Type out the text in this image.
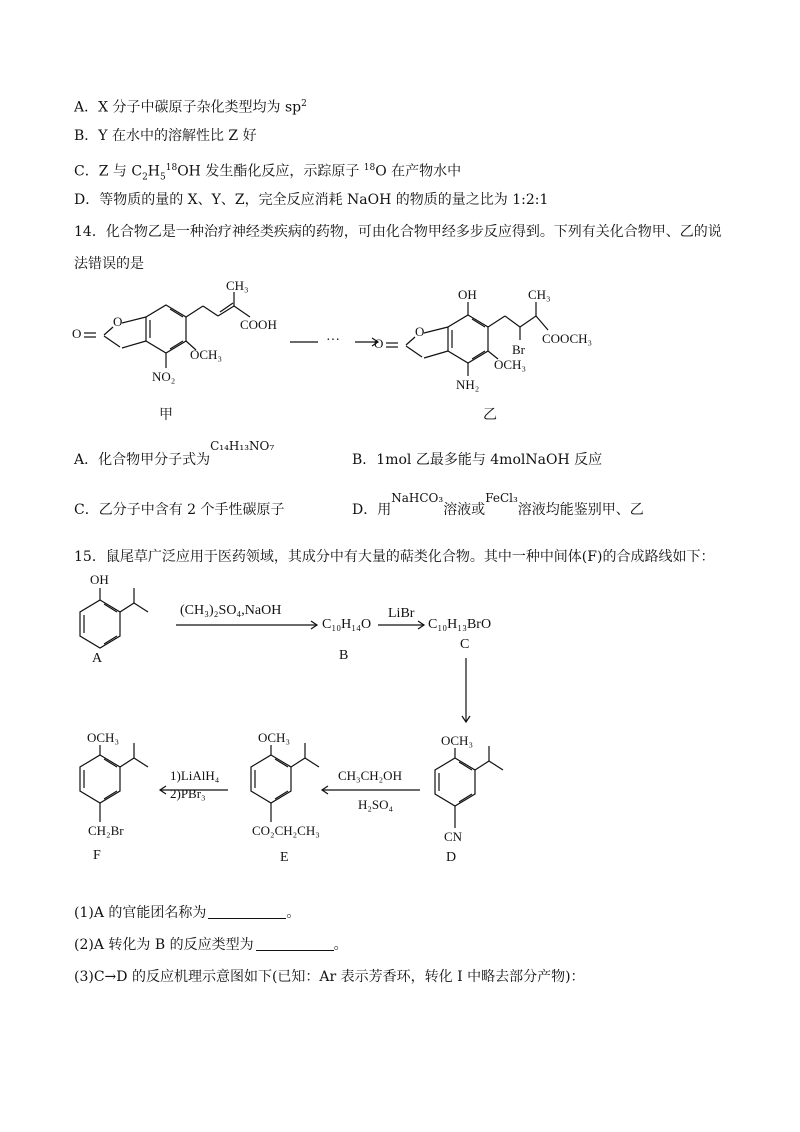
A．X 分子中碳原子杂化类型均为 $sp^2$
B．Y 在水中的溶解性比 Z 好
C．Z 与 $C_2H_5^{18}OH$ 发生酯化反应，示踪原子 $^{18}$O 在产物水中
D．等物质的量的 X、Y、Z，完全反应消耗 NaOH 的物质的量之比为 1:2:1
14．化合物乙是一种治疗神经类疾病的药物，可由化合物甲经多步反应得到。下列有关化合物甲、乙的说
法错误的是
CH₃
COOH
O
O
OCH₃
NO₂
甲
···
OH	CH₃
O
O	Br
COOCH₃
OCH₃
NH₂
乙
A．化合物甲分子式为C₁₄H₁₃NO₇
B．1mol 乙最多能与 4molNaOH 反应
C．乙分子中含有 2 个手性碳原子	D．用NaHCO₃溶液或FeCl₃溶液均能鉴别甲、乙
15．鼠尾草广泛应用于医药领域，其成分中有大量的萜类化合物。其中一种中间体(F)的合成路线如下：
OH
A
(CH₃)₂SO₄,NaOH
C₁₀H₁₄O
B
LiBr
C₁₀H₁₃BrO
C
OCH₃
CN
D
CH₃CH₂OH
H₂SO₄
OCH₃
CO₂CH₂CH₃
E
1)LiAlH₄
2)PBr₃
OCH₃
CH₂Br
F
(1)A 的官能团名称为	。
(2)A 转化为 B 的反应类型为	。
(3)C→D 的反应机理示意图如下(已知：Ar 表示芳香环，转化 I 中略去部分产物)：
